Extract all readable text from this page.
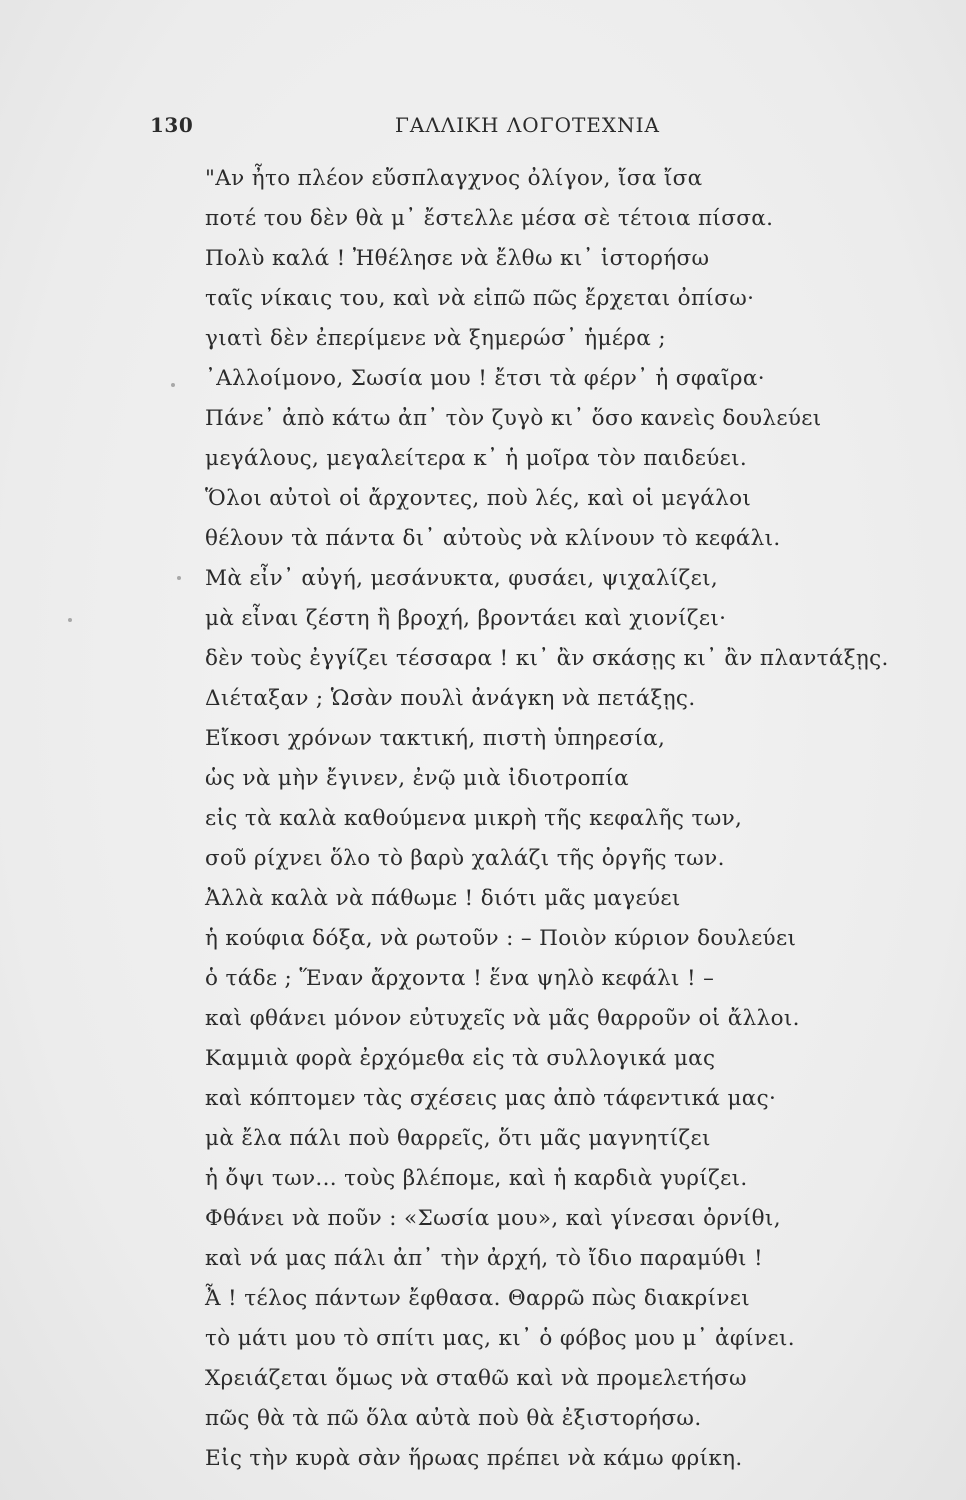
130	ΓΑΛΛΙΚΗ ΛΟΓΟΤΕΧΝΙΑ
"Αν ἦτο πλέον εὔσπλαγχνος ὀλίγον, ἴσα ἴσα
ποτέ του δὲν θὰ μ᾽ ἔστελλε μέσα σὲ τέτοια πίσσα.
Πολὺ καλά ! Ἠθέλησε νὰ ἔλθω κι᾽ ἱστορήσω
ταῖς νίκαις του, καὶ νὰ εἰπῶ πῶς ἔρχεται ὀπίσω·
γιατὶ δὲν ἐπερίμενε νὰ ξημερώσ᾽ ἡμέρα ;
᾽Αλλοίμονο, Σωσία μου ! ἔτσι τὰ φέρν᾽ ἡ σφαῖρα·
Πάνε᾽ ἀπὸ κάτω ἀπ᾽ τὸν ζυγὸ κι᾽ ὅσο κανεὶς δουλεύει
μεγάλους, μεγαλείτερα κ᾽ ἡ μοῖρα τὸν παιδεύει.
Ὅλοι αὐτοὶ οἱ ἄρχοντες, ποὺ λές, καὶ οἱ μεγάλοι
θέλουν τὰ πάντα δι᾽ αὐτοὺς νὰ κλίνουν τὸ κεφάλι.
Μὰ εἶν᾽ αὐγή, μεσάνυκτα, φυσάει, ψιχαλίζει,
μὰ εἶναι ζέστη ἢ βροχή, βροντάει καὶ χιονίζει·
δὲν τοὺς ἐγγίζει τέσσαρα ! κι᾽ ἂν σκάσῃς κι᾽ ἂν πλαντάξῃς.
Διέταξαν ; Ὡσὰν πουλὶ ἀνάγκη νὰ πετάξῃς.
Εἴκοσι χρόνων τακτική, πιστὴ ὑπηρεσία,
ὡς νὰ μὴν ἔγινεν, ἐνῷ μιὰ ἰδιοτροπία
εἰς τὰ καλὰ καθούμενα μικρὴ τῆς κεφαλῆς των,
σοῦ ρίχνει ὅλο τὸ βαρὺ χαλάζι τῆς ὀργῆς των.
Ἀλλὰ καλὰ νὰ πάθωμε ! διότι μᾶς μαγεύει
ἡ κούφια δόξα, νὰ ρωτοῦν : – Ποιὸν κύριον δουλεύει
ὁ τάδε ; Ἕναν ἄρχοντα ! ἕνα ψηλὸ κεφάλι ! –
καὶ φθάνει μόνον εὐτυχεῖς νὰ μᾶς θαρροῦν οἱ ἄλλοι.
Καμμιὰ φορὰ ἐρχόμεθα εἰς τὰ συλλογικά μας
καὶ κόπτομεν τὰς σχέσεις μας ἀπὸ τάφεντικά μας·
μὰ ἔλα πάλι ποὺ θαρρεῖς, ὅτι μᾶς μαγνητίζει
ἡ ὄψι των... τοὺς βλέπομε, καὶ ἡ καρδιὰ γυρίζει.
Φθάνει νὰ ποῦν : «Σωσία μου», καὶ γίνεσαι ὀρνίθι,
καὶ νά μας πάλι ἀπ᾽ τὴν ἀρχή, τὸ ἴδιο παραμύθι !
Ἆ ! τέλος πάντων ἔφθασα. Θαρρῶ πὼς διακρίνει
τὸ μάτι μου τὸ σπίτι μας, κι᾽ ὁ φόβος μου μ᾽ ἀφίνει.
Χρειάζεται ὅμως νὰ σταθῶ καὶ νὰ προμελετήσω
πῶς θὰ τὰ πῶ ὅλα αὐτὰ ποὺ θὰ ἐξιστορήσω.
Εἰς τὴν κυρὰ σὰν ἥρωας πρέπει νὰ κάμω φρίκη.
